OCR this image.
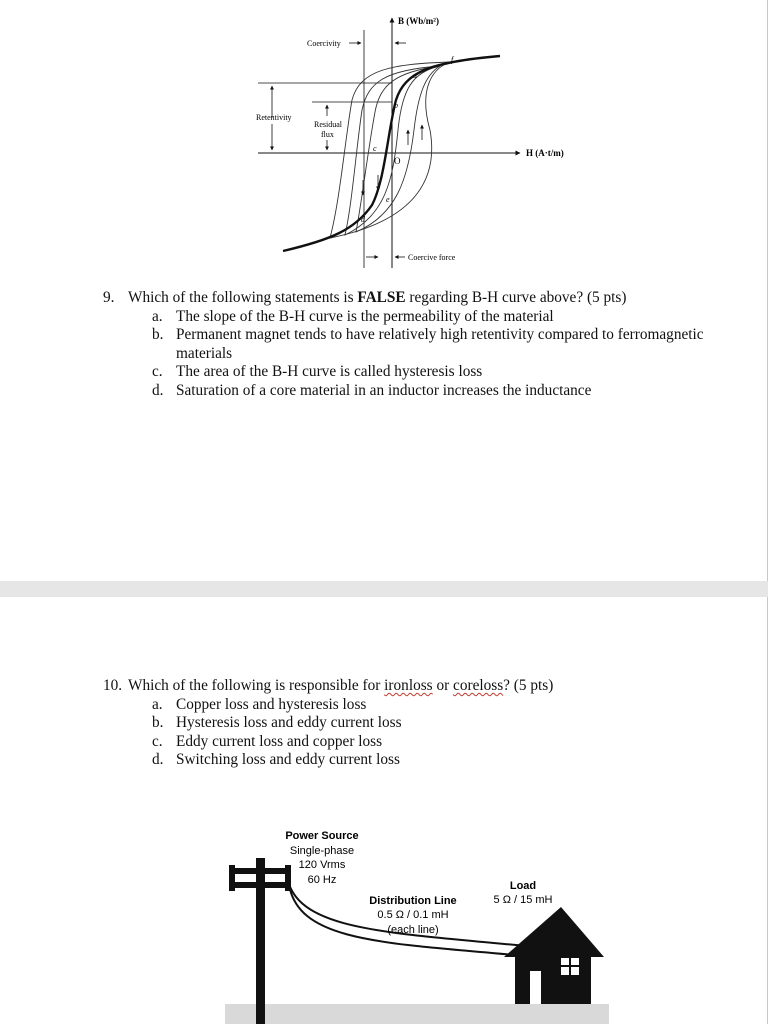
B (Wb/m²)
H (A·t/m)
Coercivity
Coercive force
Retentivity
Residual
flux
a
b
c
d
e
f
O
9. Which of the following statements is FALSE regarding B-H curve above? (5 pts)
a. The slope of the B-H curve is the permeability of the material
b. Permanent magnet tends to have relatively high retentivity compared to ferromagnetic materials
c. The area of the B-H curve is called hysteresis loss
d. Saturation of a core material in an inductor increases the inductance
10. Which of the following is responsible for ironloss or coreloss? (5 pts)
a. Copper loss and hysteresis loss
b. Hysteresis loss and eddy current loss
c. Eddy current loss and copper loss
d. Switching loss and eddy current loss
Power Source
Single-phase
120 Vrms
60 Hz
Distribution Line
0.5 Ω / 0.1 mH
(each line)
Load
5 Ω / 15 mH
